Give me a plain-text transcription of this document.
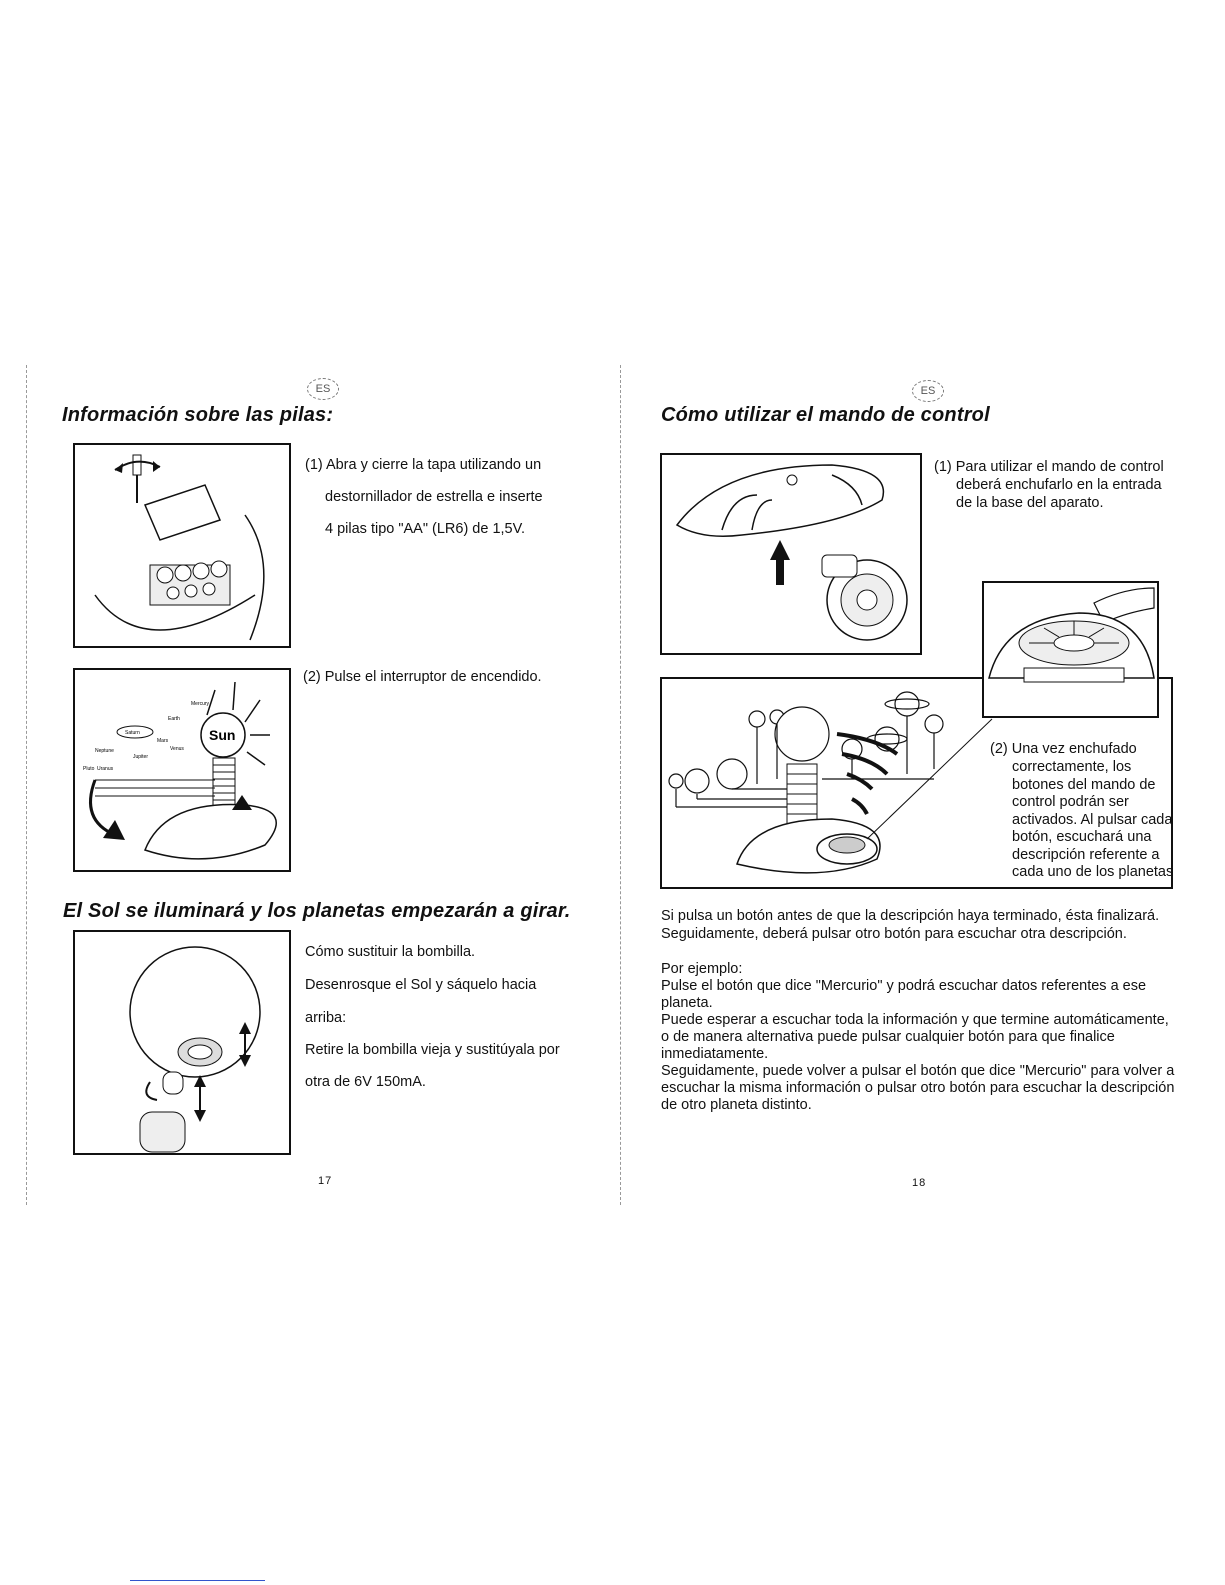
ES
Información sobre las pilas:
(1) Abra y cierre la tapa utilizando un
destornillador de estrella e inserte
4 pilas tipo "AA" (LR6) de 1,5V.
Sun
Mercury
Earth
Saturn
Mars
Venus
Neptune
Jupiter
Pluto Uranus
(2) Pulse el interruptor de encendido.
El Sol se iluminará y los planetas empezarán a girar.
Cómo sustituir la bombilla.
Desenrosque el Sol y sáquelo hacia
arriba:
Retire la bombilla vieja y sustitúyala por
otra de 6V 150mA.
17
ES
Cómo utilizar el mando de control
(1) Para utilizar el mando de control
deberá enchufarlo en la entrada
de la base del aparato.
(2) Una vez enchufado
correctamente, los
botones del mando de
control podrán ser
activados. Al pulsar cada
botón, escuchará una
descripción referente a
cada uno de los planetas
Si pulsa un botón antes de que la descripción haya terminado, ésta finalizará.
Seguidamente, deberá pulsar otro botón para escuchar otra descripción.
Por ejemplo:
Pulse el botón que dice "Mercurio" y podrá escuchar datos referentes a ese
planeta.
Puede esperar a escuchar toda la información y que termine automáticamente,
o de manera alternativa puede pulsar cualquier botón para que finalice
inmediatamente.
Seguidamente, puede volver a pulsar el botón que dice "Mercurio" para volver a
escuchar la misma información o pulsar otro botón para escuchar la descripción
de otro planeta distinto.
18
